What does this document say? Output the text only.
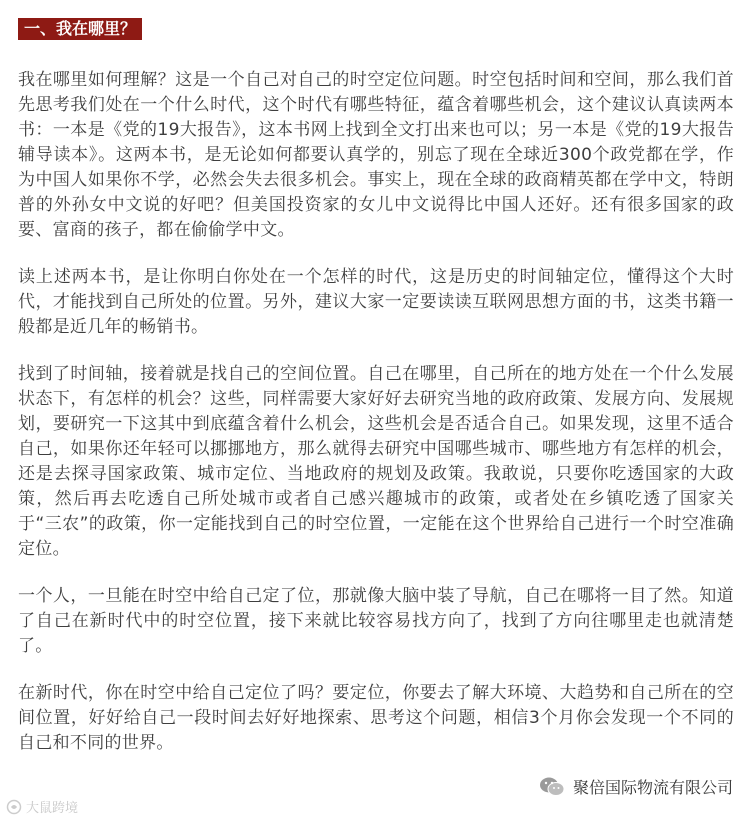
一、我在哪里？

我在哪里如何理解？这是一个自己对自己的时空定位问题。时空包括时间和空间，那么我们首先思考我们处在一个什么时代，这个时代有哪些特征，蕴含着哪些机会，这个建议认真读两本书：一本是《党的19大报告》，这本书网上找到全文打出来也可以；另一本是《党的19大报告辅导读本》。这两本书，是无论如何都要认真学的，别忘了现在全球近300个政党都在学，作为中国人如果你不学，必然会失去很多机会。事实上，现在全球的政商精英都在学中文，特朗普的外孙女中文说的好吧？但美国投资家的女儿中文说得比中国人还好。还有很多国家的政要、富商的孩子，都在偷偷学中文。

读上述两本书，是让你明白你处在一个怎样的时代，这是历史的时间轴定位，懂得这个大时代，才能找到自己所处的位置。另外，建议大家一定要读读互联网思想方面的书，这类书籍一般都是近几年的畅销书。

找到了时间轴，接着就是找自己的空间位置。自己在哪里，自己所在的地方处在一个什么发展状态下，有怎样的机会？这些，同样需要大家好好去研究当地的政府政策、发展方向、发展规划，要研究一下这其中到底蕴含着什么机会，这些机会是否适合自己。如果发现，这里不适合自己，如果你还年轻可以挪挪地方，那么就得去研究中国哪些城市、哪些地方有怎样的机会，还是去探寻国家政策、城市定位、当地政府的规划及政策。我敢说，只要你吃透国家的大政策，然后再去吃透自己所处城市或者自己感兴趣城市的政策，或者处在乡镇吃透了国家关于“三农”的政策，你一定能找到自己的时空位置，一定能在这个世界给自己进行一个时空准确定位。

一个人，一旦能在时空中给自己定了位，那就像大脑中装了导航，自己在哪将一目了然。知道了自己在新时代中的时空位置，接下来就比较容易找方向了，找到了方向往哪里走也就清楚了。

在新时代，你在时空中给自己定位了吗？要定位，你要去了解大环境、大趋势和自己所在的空间位置，好好给自己一段时间去好好地探索、思考这个问题，相信3个月你会发现一个不同的自己和不同的世界。

大鼠跨境
聚倍国际物流有限公司
